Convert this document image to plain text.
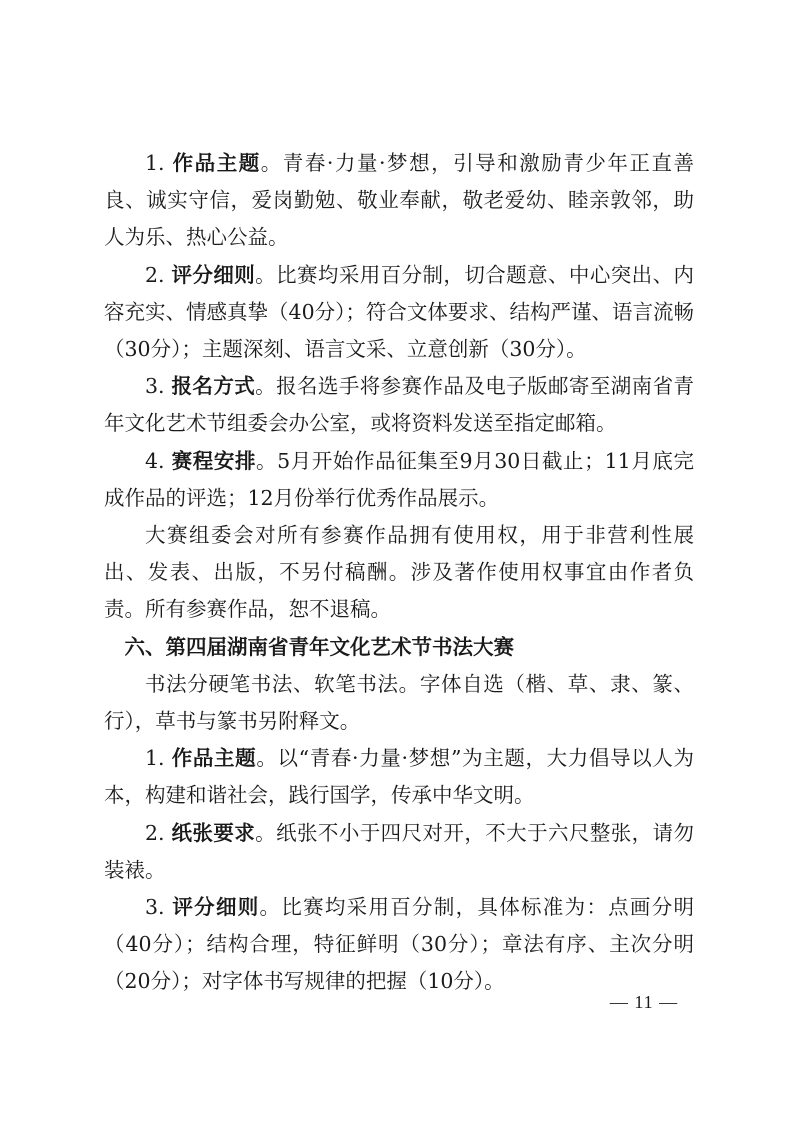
1. 作品主题。青春·力量·梦想，引导和激励青少年正直善良、诚实守信，爱岗勤勉、敬业奉献，敬老爱幼、睦亲敦邻，助人为乐、热心公益。

2. 评分细则。比赛均采用百分制，切合题意、中心突出、内容充实、情感真挚（40分）；符合文体要求、结构严谨、语言流畅（30分）；主题深刻、语言文采、立意创新（30分）。

3. 报名方式。报名选手将参赛作品及电子版邮寄至湖南省青年文化艺术节组委会办公室，或将资料发送至指定邮箱。

4. 赛程安排。5月开始作品征集至9月30日截止；11月底完成作品的评选；12月份举行优秀作品展示。

大赛组委会对所有参赛作品拥有使用权，用于非营利性展出、发表、出版，不另付稿酬。涉及著作使用权事宜由作者负责。所有参赛作品，恕不退稿。

六、第四届湖南省青年文化艺术节书法大赛

书法分硬笔书法、软笔书法。字体自选（楷、草、隶、篆、行），草书与篆书另附释文。

1. 作品主题。以“青春·力量·梦想”为主题，大力倡导以人为本，构建和谐社会，践行国学，传承中华文明。

2. 纸张要求。纸张不小于四尺对开，不大于六尺整张，请勿装裱。

3. 评分细则。比赛均采用百分制，具体标准为：点画分明（40分）；结构合理，特征鲜明（30分）；章法有序、主次分明（20分）；对字体书写规律的把握（10分）。

— 11 —
